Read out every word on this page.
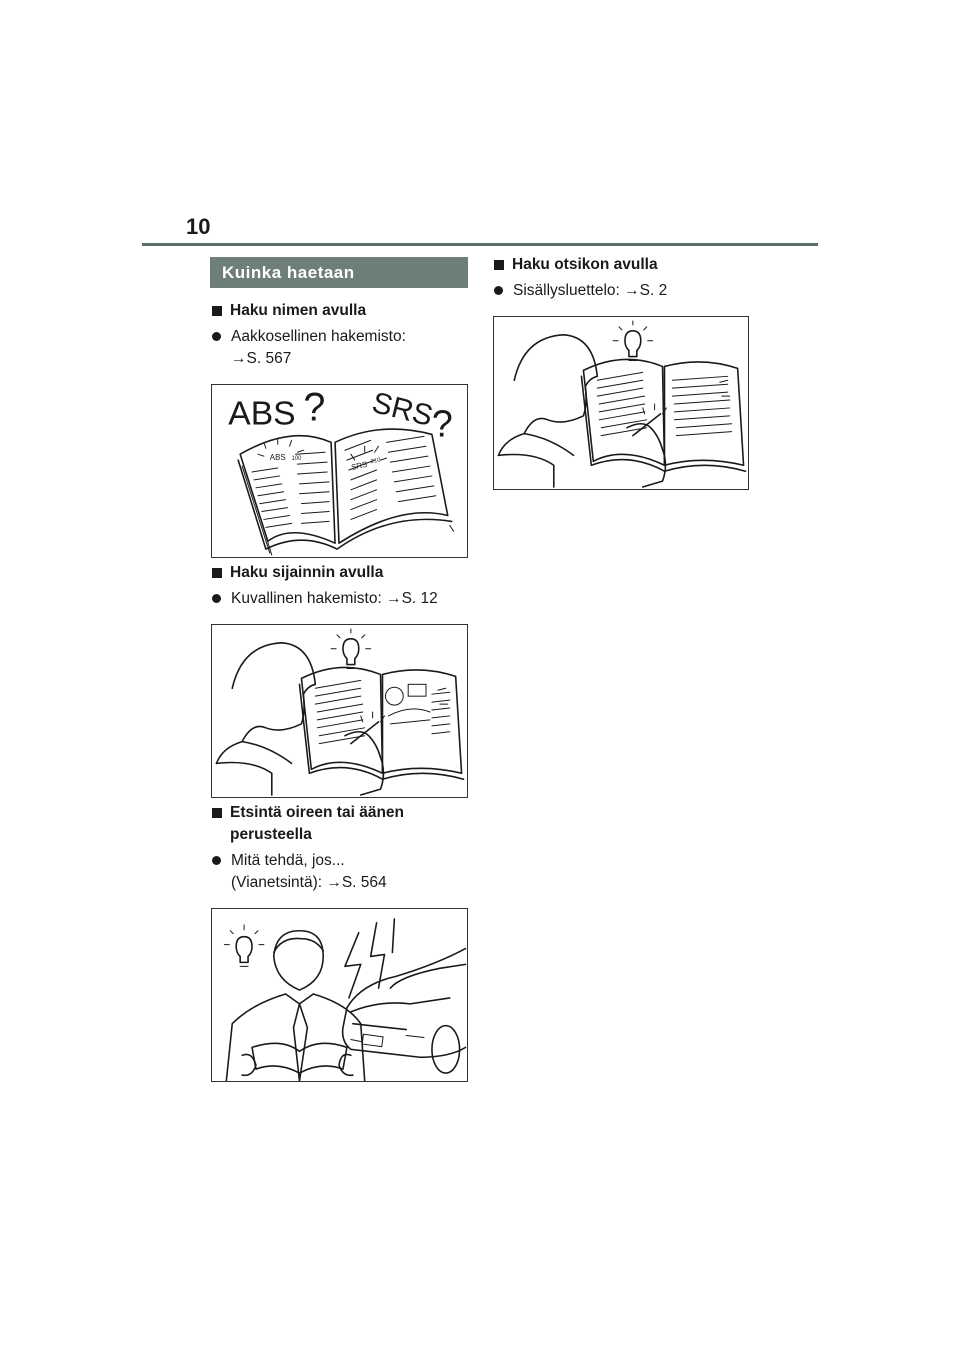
10
Kuinka haetaan
Haku nimen avulla
Aakkosellinen hakemisto:
→S. 567
ABS ? SRS
?
ABS 100
SRS 210
Haku sijainnin avulla
Kuvallinen hakemisto: →S. 12
Etsintä oireen tai äänen
perusteella
Mitä tehdä, jos...
(Vianetsintä): →S. 564
Haku otsikon avulla
Sisällysluettelo: →S. 2
